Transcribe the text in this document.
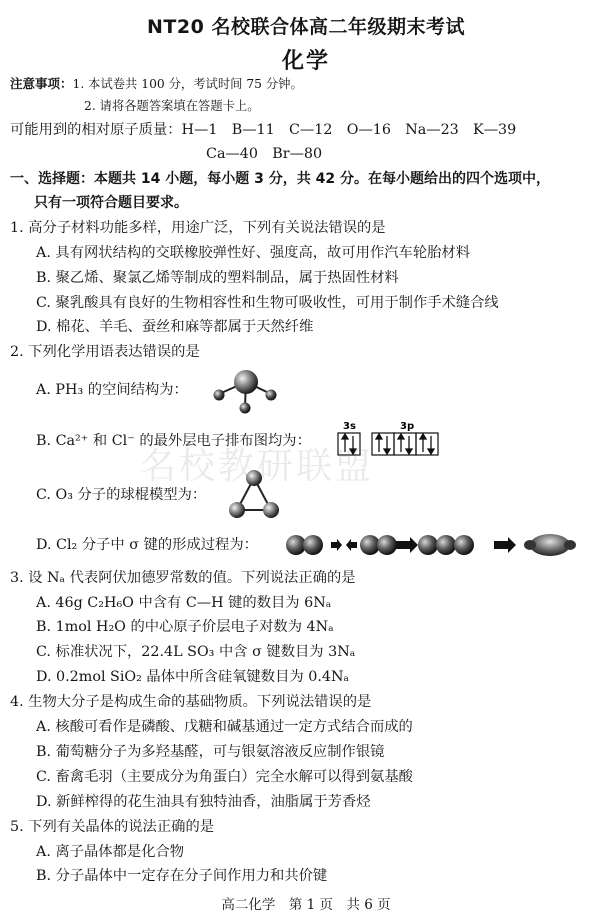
NT20 名校联合体高二年级期末考试
化学
注意事项：1. 本试卷共 100 分，考试时间 75 分钟。
2. 请将各题答案填在答题卡上。
可能用到的相对原子质量：H—1　B—11　C—12　O—16　Na—23　K—39
Ca—40　Br—80
一、选择题：本题共 14 小题，每小题 3 分，共 42 分。在每小题给出的四个选项中，
只有一项符合题目要求。
1. 高分子材料功能多样，用途广泛，下列有关说法错误的是
A. 具有网状结构的交联橡胶弹性好、强度高，故可用作汽车轮胎材料
B. 聚乙烯、聚氯乙烯等制成的塑料制品，属于热固性材料
C. 聚乳酸具有良好的生物相容性和生物可吸收性，可用于制作手术缝合线
D. 棉花、羊毛、蚕丝和麻等都属于天然纤维
2. 下列化学用语表达错误的是
A. PH₃ 的空间结构为：
B. Ca²⁺ 和 Cl⁻ 的最外层电子排布图均为：
3s	3p
C. O₃ 分子的球棍模型为：
D. Cl₂ 分子中 σ 键的形成过程为：
名校教研联盟
3. 设 Nₐ 代表阿伏加德罗常数的值。下列说法正确的是
A. 46g C₂H₆O 中含有 C—H 键的数目为 6Nₐ
B. 1mol H₂O 的中心原子价层电子对数为 4Nₐ
C. 标准状况下，22.4L SO₃ 中含 σ 键数目为 3Nₐ
D. 0.2mol SiO₂ 晶体中所含硅氧键数目为 0.4Nₐ
4. 生物大分子是构成生命的基础物质。下列说法错误的是
A. 核酸可看作是磷酸、戊糖和碱基通过一定方式结合而成的
B. 葡萄糖分子为多羟基醛，可与银氨溶液反应制作银镜
C. 畜禽毛羽（主要成分为角蛋白）完全水解可以得到氨基酸
D. 新鲜榨得的花生油具有独特油香，油脂属于芳香烃
5. 下列有关晶体的说法正确的是
A. 离子晶体都是化合物
B. 分子晶体中一定存在分子间作用力和共价键
高二化学　第 1 页　共 6 页
